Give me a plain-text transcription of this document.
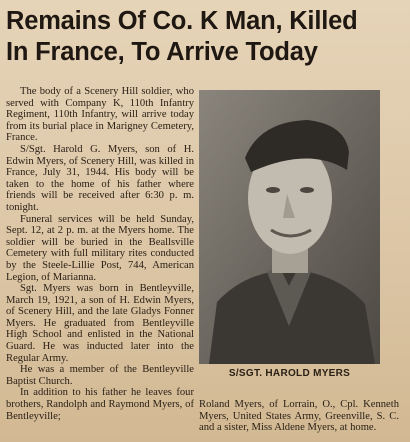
Remains Of Co. K Man, Killed
In France, To Arrive Today

The body of a Scenery Hill soldier, who served with Company K, 110th Infantry Regiment, 110th Infantry, will arrive today from its burial place in Marigney Cemetery, France.

S/Sgt. Harold G. Myers, son of H. Edwin Myers, of Scenery Hill, was killed in France, July 31, 1944. His body will be taken to the home of his father where friends will be received after 6:30 p. m. tonight.

Funeral services will be held Sunday, Sept. 12, at 2 p. m. at the Myers home. The soldier will be buried in the Beallsville Cemetery with full military rites conducted by the Steele-Lillie Post, 744, American Legion, of Marianna.

Sgt. Myers was born in Bentleyville, March 19, 1921, a son of H. Edwin Myers, of Scenery Hill, and the late Gladys Fonner Myers. He graduated from Bentleyville High School and enlisted in the National Guard. He was inducted later into the Regular Army.

He was a member of the Bentleyville Baptist Church.

In addition to his father he leaves four brothers, Randolph and Raymond Myers, of Bentleyville;

S/SGT. HAROLD MYERS

Roland Myers, of Lorrain, O., Cpl. Kenneth Myers, United States Army, Greenville, S. C. and a sister, Miss Aldene Myers, at home.
